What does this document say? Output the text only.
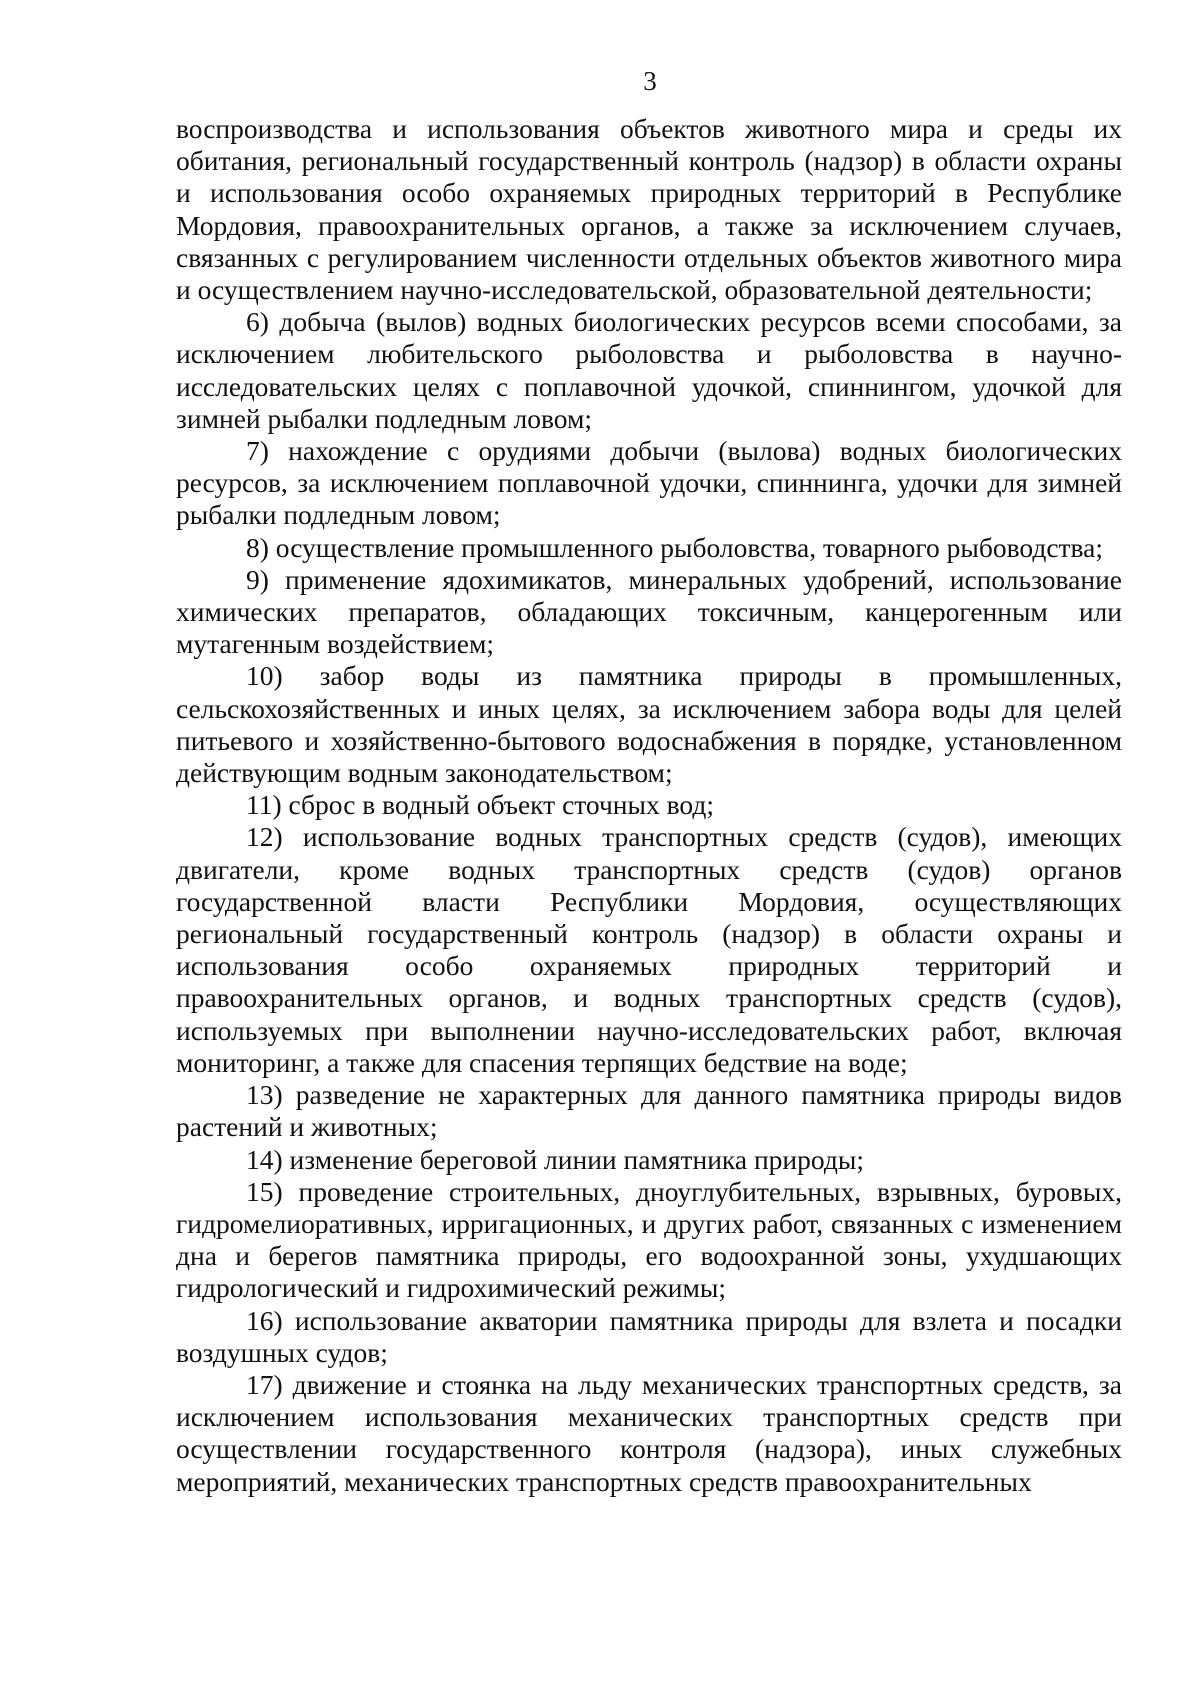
3

воспроизводства и использования объектов животного мира и среды их обитания, региональный государственный контроль (надзор) в области охраны и использования особо охраняемых природных территорий в Республике Мордовия, правоохранительных органов, а также за исключением случаев, связанных с регулированием численности отдельных объектов животного мира и осуществлением научно-исследовательской, образовательной деятельности;

6) добыча (вылов) водных биологических ресурсов всеми способами, за исключением любительского рыболовства и рыболовства в научно-исследовательских целях с поплавочной удочкой, спиннингом, удочкой для зимней рыбалки подледным ловом;

7) нахождение с орудиями добычи (вылова) водных биологических ресурсов, за исключением поплавочной удочки, спиннинга, удочки для зимней рыбалки подледным ловом;

8) осуществление промышленного рыболовства, товарного рыбоводства;

9) применение ядохимикатов, минеральных удобрений, использование химических препаратов, обладающих токсичным, канцерогенным или мутагенным воздействием;

10) забор воды из памятника природы в промышленных, сельскохозяйственных и иных целях, за исключением забора воды для целей питьевого и хозяйственно-бытового водоснабжения в порядке, установленном действующим водным законодательством;

11) сброс в водный объект сточных вод;

12) использование водных транспортных средств (судов), имеющих двигатели, кроме водных транспортных средств (судов) органов государственной власти Республики Мордовия, осуществляющих региональный государственный контроль (надзор) в области охраны и использования особо охраняемых природных территорий и правоохранительных органов, и водных транспортных средств (судов), используемых при выполнении научно-исследовательских работ, включая мониторинг, а также для спасения терпящих бедствие на воде;

13) разведение не характерных для данного памятника природы видов растений и животных;

14) изменение береговой линии памятника природы;

15) проведение строительных, дноуглубительных, взрывных, буровых, гидромелиоративных, ирригационных, и других работ, связанных с изменением дна и берегов памятника природы, его водоохранной зоны, ухудшающих гидрологический и гидрохимический режимы;

16) использование акватории памятника природы для взлета и посадки воздушных судов;

17) движение и стоянка на льду механических транспортных средств, за исключением использования механических транспортных средств при осуществлении государственного контроля (надзора), иных служебных мероприятий, механических транспортных средств правоохранительных
